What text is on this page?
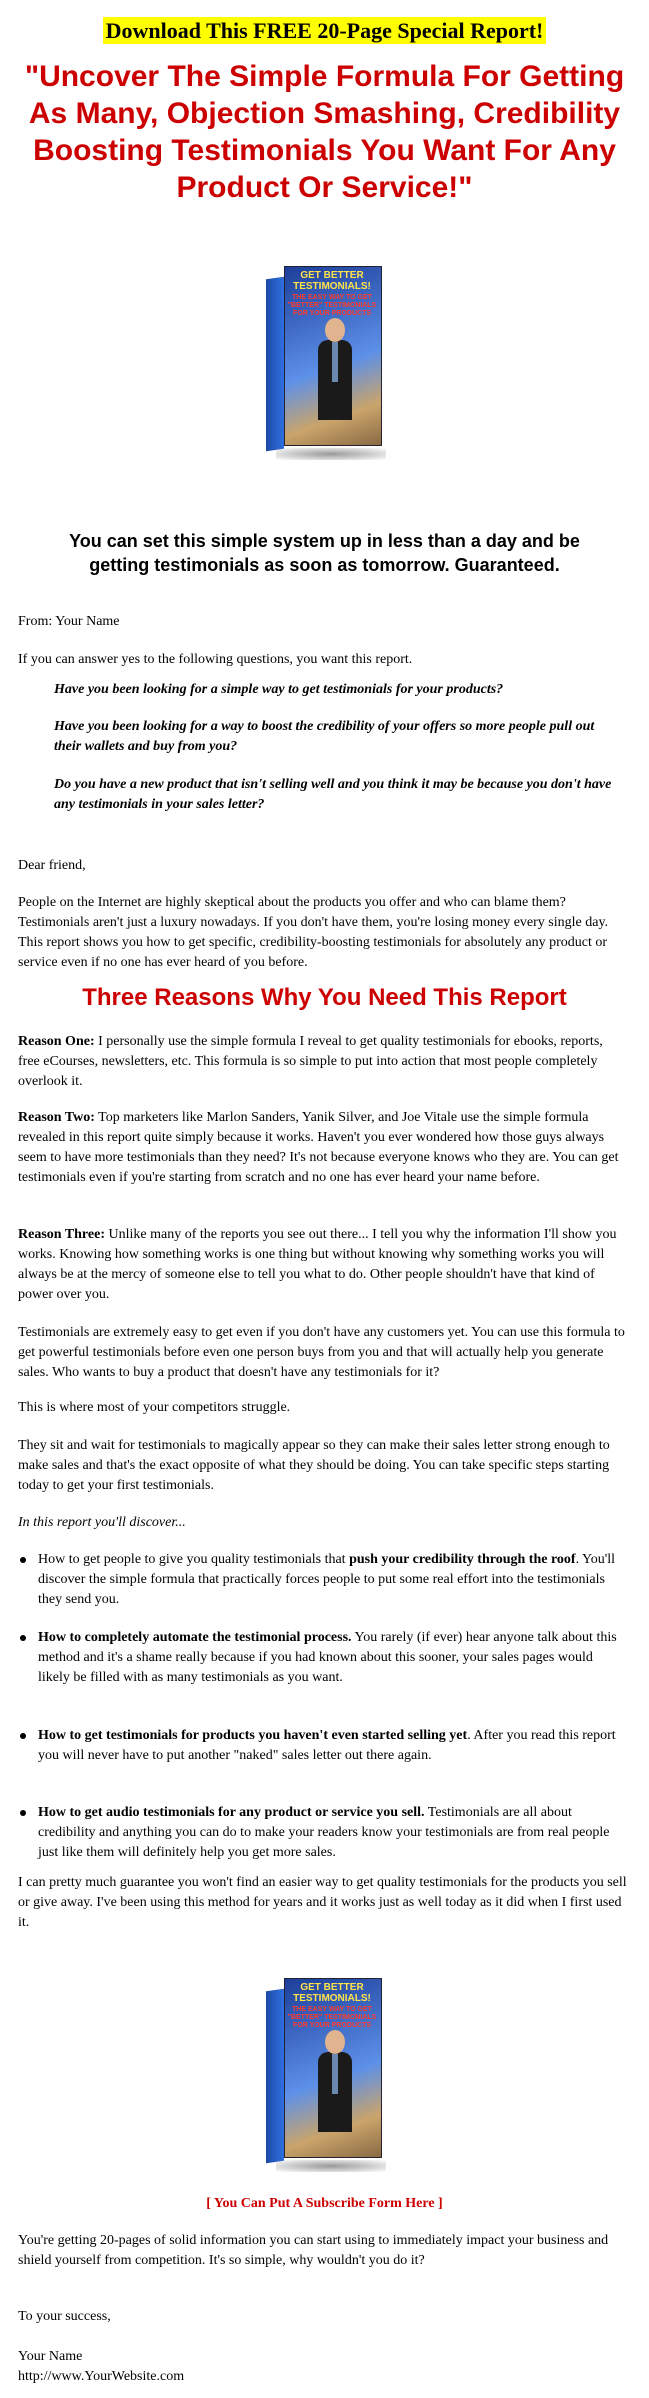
Download This FREE 20-Page Special Report!
"Uncover The Simple Formula For Getting As Many, Objection Smashing, Credibility Boosting Testimonials You Want For Any Product Or Service!"
GET BETTER TESTIMONIALS!
THE EASY WAY TO GET "BETTER" TESTIMONIALS FOR YOUR PRODUCTS
You can set this simple system up in less than a day and be getting testimonials as soon as tomorrow. Guaranteed.

From: Your Name

If you can answer yes to the following questions, you want this report.

Have you been looking for a simple way to get testimonials for your products?
Have you been looking for a way to boost the credibility of your offers so more people pull out their wallets and buy from you?
Do you have a new product that isn't selling well and you think it may be because you don't have any testimonials in your sales letter?

Dear friend,

People on the Internet are highly skeptical about the products you offer and who can blame them? Testimonials aren't just a luxury nowadays. If you don't have them, you're losing money every single day. This report shows you how to get specific, credibility-boosting testimonials for absolutely any product or service even if no one has ever heard of you before.

Three Reasons Why You Need This Report

Reason One: I personally use the simple formula I reveal to get quality testimonials for ebooks, reports, free eCourses, newsletters, etc. This formula is so simple to put into action that most people completely overlook it.

Reason Two: Top marketers like Marlon Sanders, Yanik Silver, and Joe Vitale use the simple formula revealed in this report quite simply because it works. Haven't you ever wondered how those guys always seem to have more testimonials than they need? It's not because everyone knows who they are. You can get testimonials even if you're starting from scratch and no one has ever heard your name before.

Reason Three: Unlike many of the reports you see out there... I tell you why the information I'll show you works. Knowing how something works is one thing but without knowing why something works you will always be at the mercy of someone else to tell you what to do. Other people shouldn't have that kind of power over you.

Testimonials are extremely easy to get even if you don't have any customers yet. You can use this formula to get powerful testimonials before even one person buys from you and that will actually help you generate sales. Who wants to buy a product that doesn't have any testimonials for it?

This is where most of your competitors struggle.

They sit and wait for testimonials to magically appear so they can make their sales letter strong enough to make sales and that's the exact opposite of what they should be doing. You can take specific steps starting today to get your first testimonials.

In this report you'll discover...

How to get people to give you quality testimonials that push your credibility through the roof. You'll discover the simple formula that practically forces people to put some real effort into the testimonials they send you.
How to completely automate the testimonial process. You rarely (if ever) hear anyone talk about this method and it's a shame really because if you had known about this sooner, your sales pages would likely be filled with as many testimonials as you want.
How to get testimonials for products you haven't even started selling yet. After you read this report you will never have to put another "naked" sales letter out there again.
How to get audio testimonials for any product or service you sell. Testimonials are all about credibility and anything you can do to make your readers know your testimonials are from real people just like them will definitely help you get more sales.

I can pretty much guarantee you won't find an easier way to get quality testimonials for the products you sell or give away. I've been using this method for years and it works just as well today as it did when I first used it.

GET BETTER TESTIMONIALS!
THE EASY WAY TO GET "BETTER" TESTIMONIALS FOR YOUR PRODUCTS
[ You Can Put A Subscribe Form Here ]

You're getting 20-pages of solid information you can start using to immediately impact your business and shield yourself from competition. It's so simple, why wouldn't you do it?

To your success,

Your Name

http://www.YourWebsite.com
